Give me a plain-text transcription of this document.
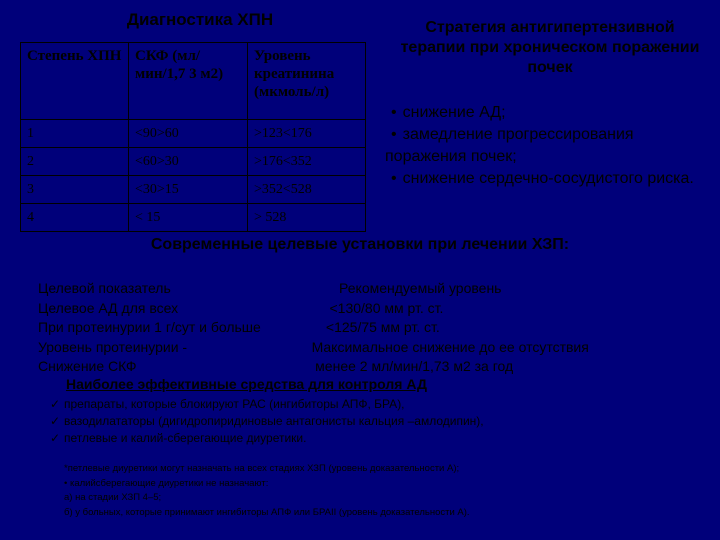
Диагностика ХПН	Стратегия антигипертензивной терапии при хроническом поражении почек
Степень ХПН	СКФ (мл/мин/1,7 3 м2)	Уровень креатинина (мкмоль/л)
1	<90>60	>123<176
2	<60>30	>176<352
3	<30>15	>352<528
4	< 15	> 528
• снижение АД;
• замедление прогрессирования поражения почек;
• снижение сердечно-сосудистого риска.
Современные целевые установки при лечении ХЗП:
Целевой показатель	Рекомендуемый уровень
Целевое АД для всех	<130/80 мм рт. ст.
При протеинурии 1 г/сут и больше	<125/75 мм рт. ст.
Уровень протеинурии -	Максимальное снижение до ее отсутствия
Снижение СКФ	менее 2 мл/мин/1,73 м2 за год
Наиболее эффективные средства для контроля АД
✓ препараты, которые блокируют РАС (ингибиторы АПФ, БРА),
✓ вазодилататоры (дигидропиридиновые антагонисты кальция –амлодипин),
✓ петлевые и калий-сберегающие диуретики.
*петлевые диуретики могут назначать на всех стадиях ХЗП (уровень доказательности А);
• калийсберегающие диуретики не назначают:
а) на стадии ХЗП 4–5;
б) у больных, которые принимают ингибиторы АПФ или БРАII (уровень доказательности А).
